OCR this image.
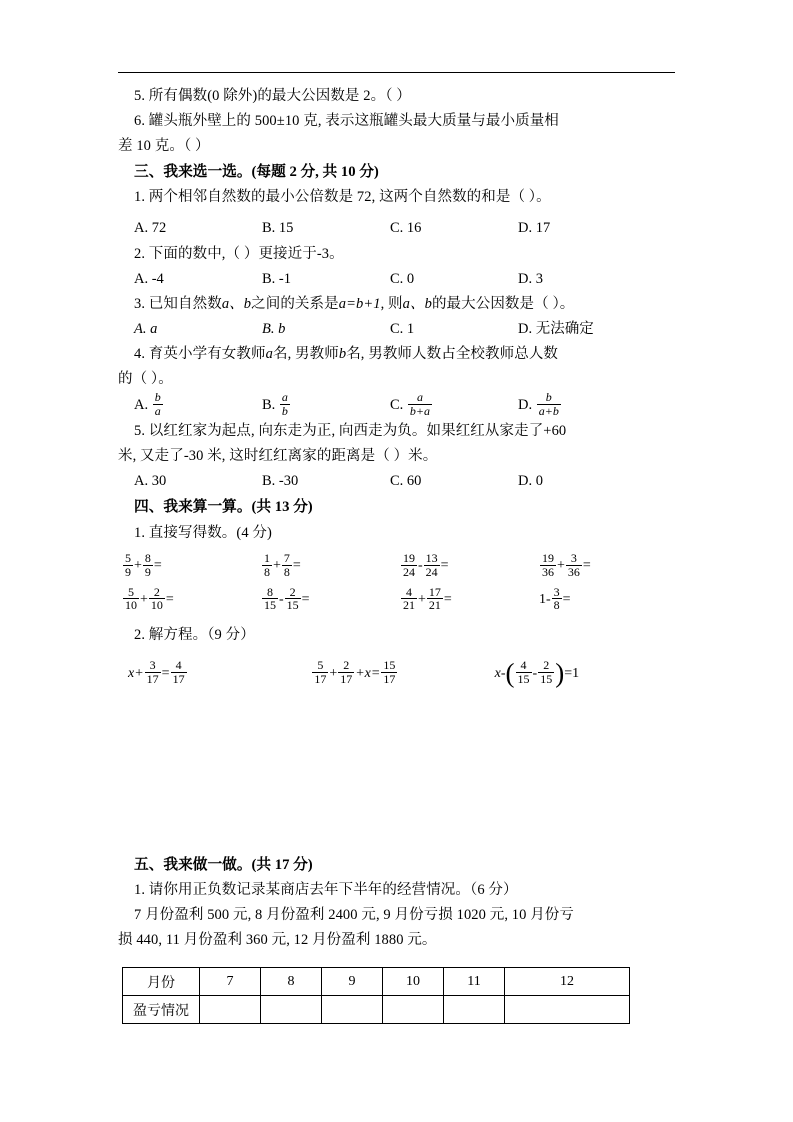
5. 所有偶数(0 除外)的最大公因数是 2。（ ）
6. 罐头瓶外壁上的 500±10 克, 表示这瓶罐头最大质量与最小质量相
差 10 克。（ ）
三、我来选一选。(每题 2 分, 共 10 分)
1. 两个相邻自然数的最小公倍数是 72, 这两个自然数的和是（ ）。
A. 72	B. 15	C. 16	D. 17
2. 下面的数中,（ ）更接近于-3。
A. -4	B. -1	C. 0	D. 3
3. 已知自然数a、b之间的关系是a=b+1, 则a、b的最大公因数是（ ）。
A. a	B. b	C. 1	D. 无法确定
4. 育英小学有女教师a名, 男教师b名, 男教师人数占全校教师总人数
的（ ）。
A. $\frac{b}{a}$	B. $\frac{a}{b}$	C. $\frac{a}{b+a}$	D. $\frac{b}{a+b}$
5. 以红红家为起点, 向东走为正, 向西走为负。如果红红从家走了+60
米, 又走了-30 米, 这时红红离家的距离是（ ）米。
A. 30	B. -30	C. 60	D. 0
四、我来算一算。(共 13 分)
1. 直接写得数。(4 分)
$\frac{5}{9} + \frac{8}{9}$ =	$\frac{1}{8} + \frac{7}{8}$ =	$\frac{19}{24} - \frac{13}{24}$ =	$\frac{19}{36} + \frac{3}{36}$ =
$\frac{5}{10} + \frac{2}{10}$ =	$\frac{8}{15} - \frac{2}{15}$ =	$\frac{4}{21} + \frac{17}{21}$ =	$1- \frac{3}{8}$ =
2. 解方程。（9 分）
$x+ \frac{3}{17} = \frac{4}{17}$	$\frac{5}{17} + \frac{2}{17} +x= \frac{15}{17}$	x- ( $\frac{4}{15} - \frac{2}{15}$ ) =1
五、我来做一做。(共 17 分)
1. 请你用正负数记录某商店去年下半年的经营情况。（6 分）
7 月份盈利 500 元, 8 月份盈利 2400 元, 9 月份亏损 1020 元, 10 月份亏
损 440, 11 月份盈利 360 元, 12 月份盈利 1880 元。
月份	7	8	9	10	11	12
盈亏情况						
